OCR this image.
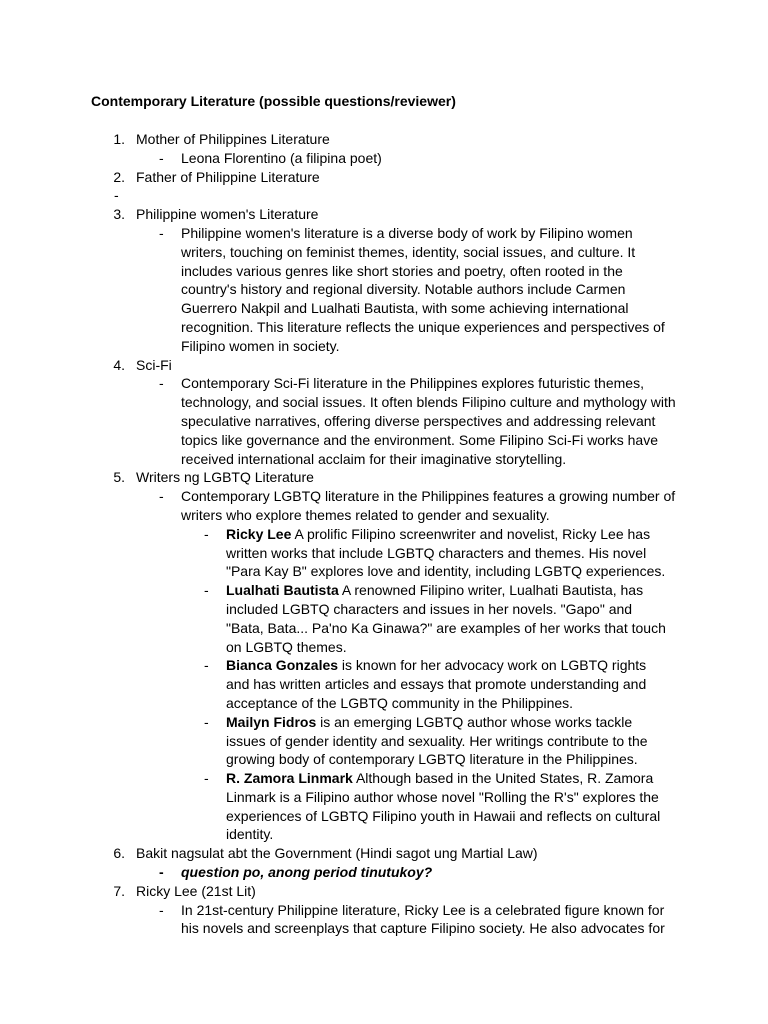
Contemporary Literature (possible questions/reviewer)
1. Mother of Philippines Literature
- Leona Florentino (a filipina poet)
2. Father of Philippine Literature
-
3. Philippine women's Literature
- Philippine women's literature is a diverse body of work by Filipino women writers, touching on feminist themes, identity, social issues, and culture. It includes various genres like short stories and poetry, often rooted in the country's history and regional diversity. Notable authors include Carmen Guerrero Nakpil and Lualhati Bautista, with some achieving international recognition. This literature reflects the unique experiences and perspectives of Filipino women in society.
4. Sci-Fi
- Contemporary Sci-Fi literature in the Philippines explores futuristic themes, technology, and social issues. It often blends Filipino culture and mythology with speculative narratives, offering diverse perspectives and addressing relevant topics like governance and the environment. Some Filipino Sci-Fi works have received international acclaim for their imaginative storytelling.
5. Writers ng LGBTQ Literature
- Contemporary LGBTQ literature in the Philippines features a growing number of writers who explore themes related to gender and sexuality.
- Ricky Lee A prolific Filipino screenwriter and novelist, Ricky Lee has written works that include LGBTQ characters and themes. His novel "Para Kay B" explores love and identity, including LGBTQ experiences.
- Lualhati Bautista A renowned Filipino writer, Lualhati Bautista, has included LGBTQ characters and issues in her novels. "Gapo" and "Bata, Bata... Pa'no Ka Ginawa?" are examples of her works that touch on LGBTQ themes.
- Bianca Gonzales is known for her advocacy work on LGBTQ rights and has written articles and essays that promote understanding and acceptance of the LGBTQ community in the Philippines.
- Mailyn Fidros is an emerging LGBTQ author whose works tackle issues of gender identity and sexuality. Her writings contribute to the growing body of contemporary LGBTQ literature in the Philippines.
- R. Zamora Linmark Although based in the United States, R. Zamora Linmark is a Filipino author whose novel "Rolling the R's" explores the experiences of LGBTQ Filipino youth in Hawaii and reflects on cultural identity.
6. Bakit nagsulat abt the Government (Hindi sagot ung Martial Law)
- question po, anong period tinutukoy?
7. Ricky Lee (21st Lit)
- In 21st-century Philippine literature, Ricky Lee is a celebrated figure known for his novels and screenplays that capture Filipino society. He also advocates for
